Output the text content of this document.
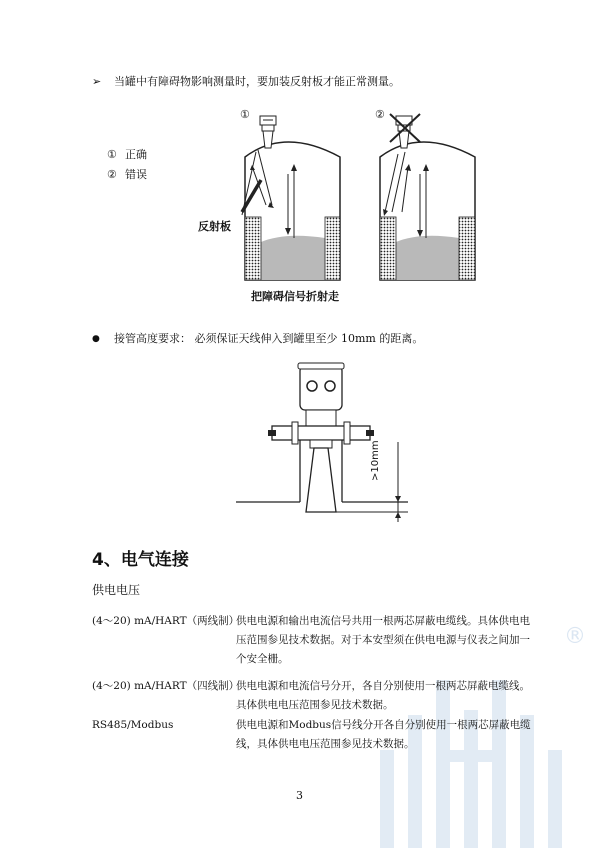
®
➢ 当罐中有障碍物影响测量时，要加装反射板才能正常测量。
①	②
① 正确
② 错误
反射板
把障碍信号折射走
● 接管高度要求： 必须保证天线伸入到罐里至少 10mm 的距离。
>10mm
4、电气连接
供电电压
(4～20) mA/HART（两线制）
供电电源和输出电流信号共用一根两芯屏蔽电缆线。具体供电电压范围参见技术数据。对于本安型须在供电电源与仪表之间加一个安全栅。
(4～20) mA/HART（四线制）
供电电源和电流信号分开，各自分别使用一根两芯屏蔽电缆线。具体供电电压范围参见技术数据。
RS485/Modbus	供电电源和Modbus信号线分开各自分别使用一根两芯屏蔽电缆线，具体供电电压范围参见技术数据。
3
